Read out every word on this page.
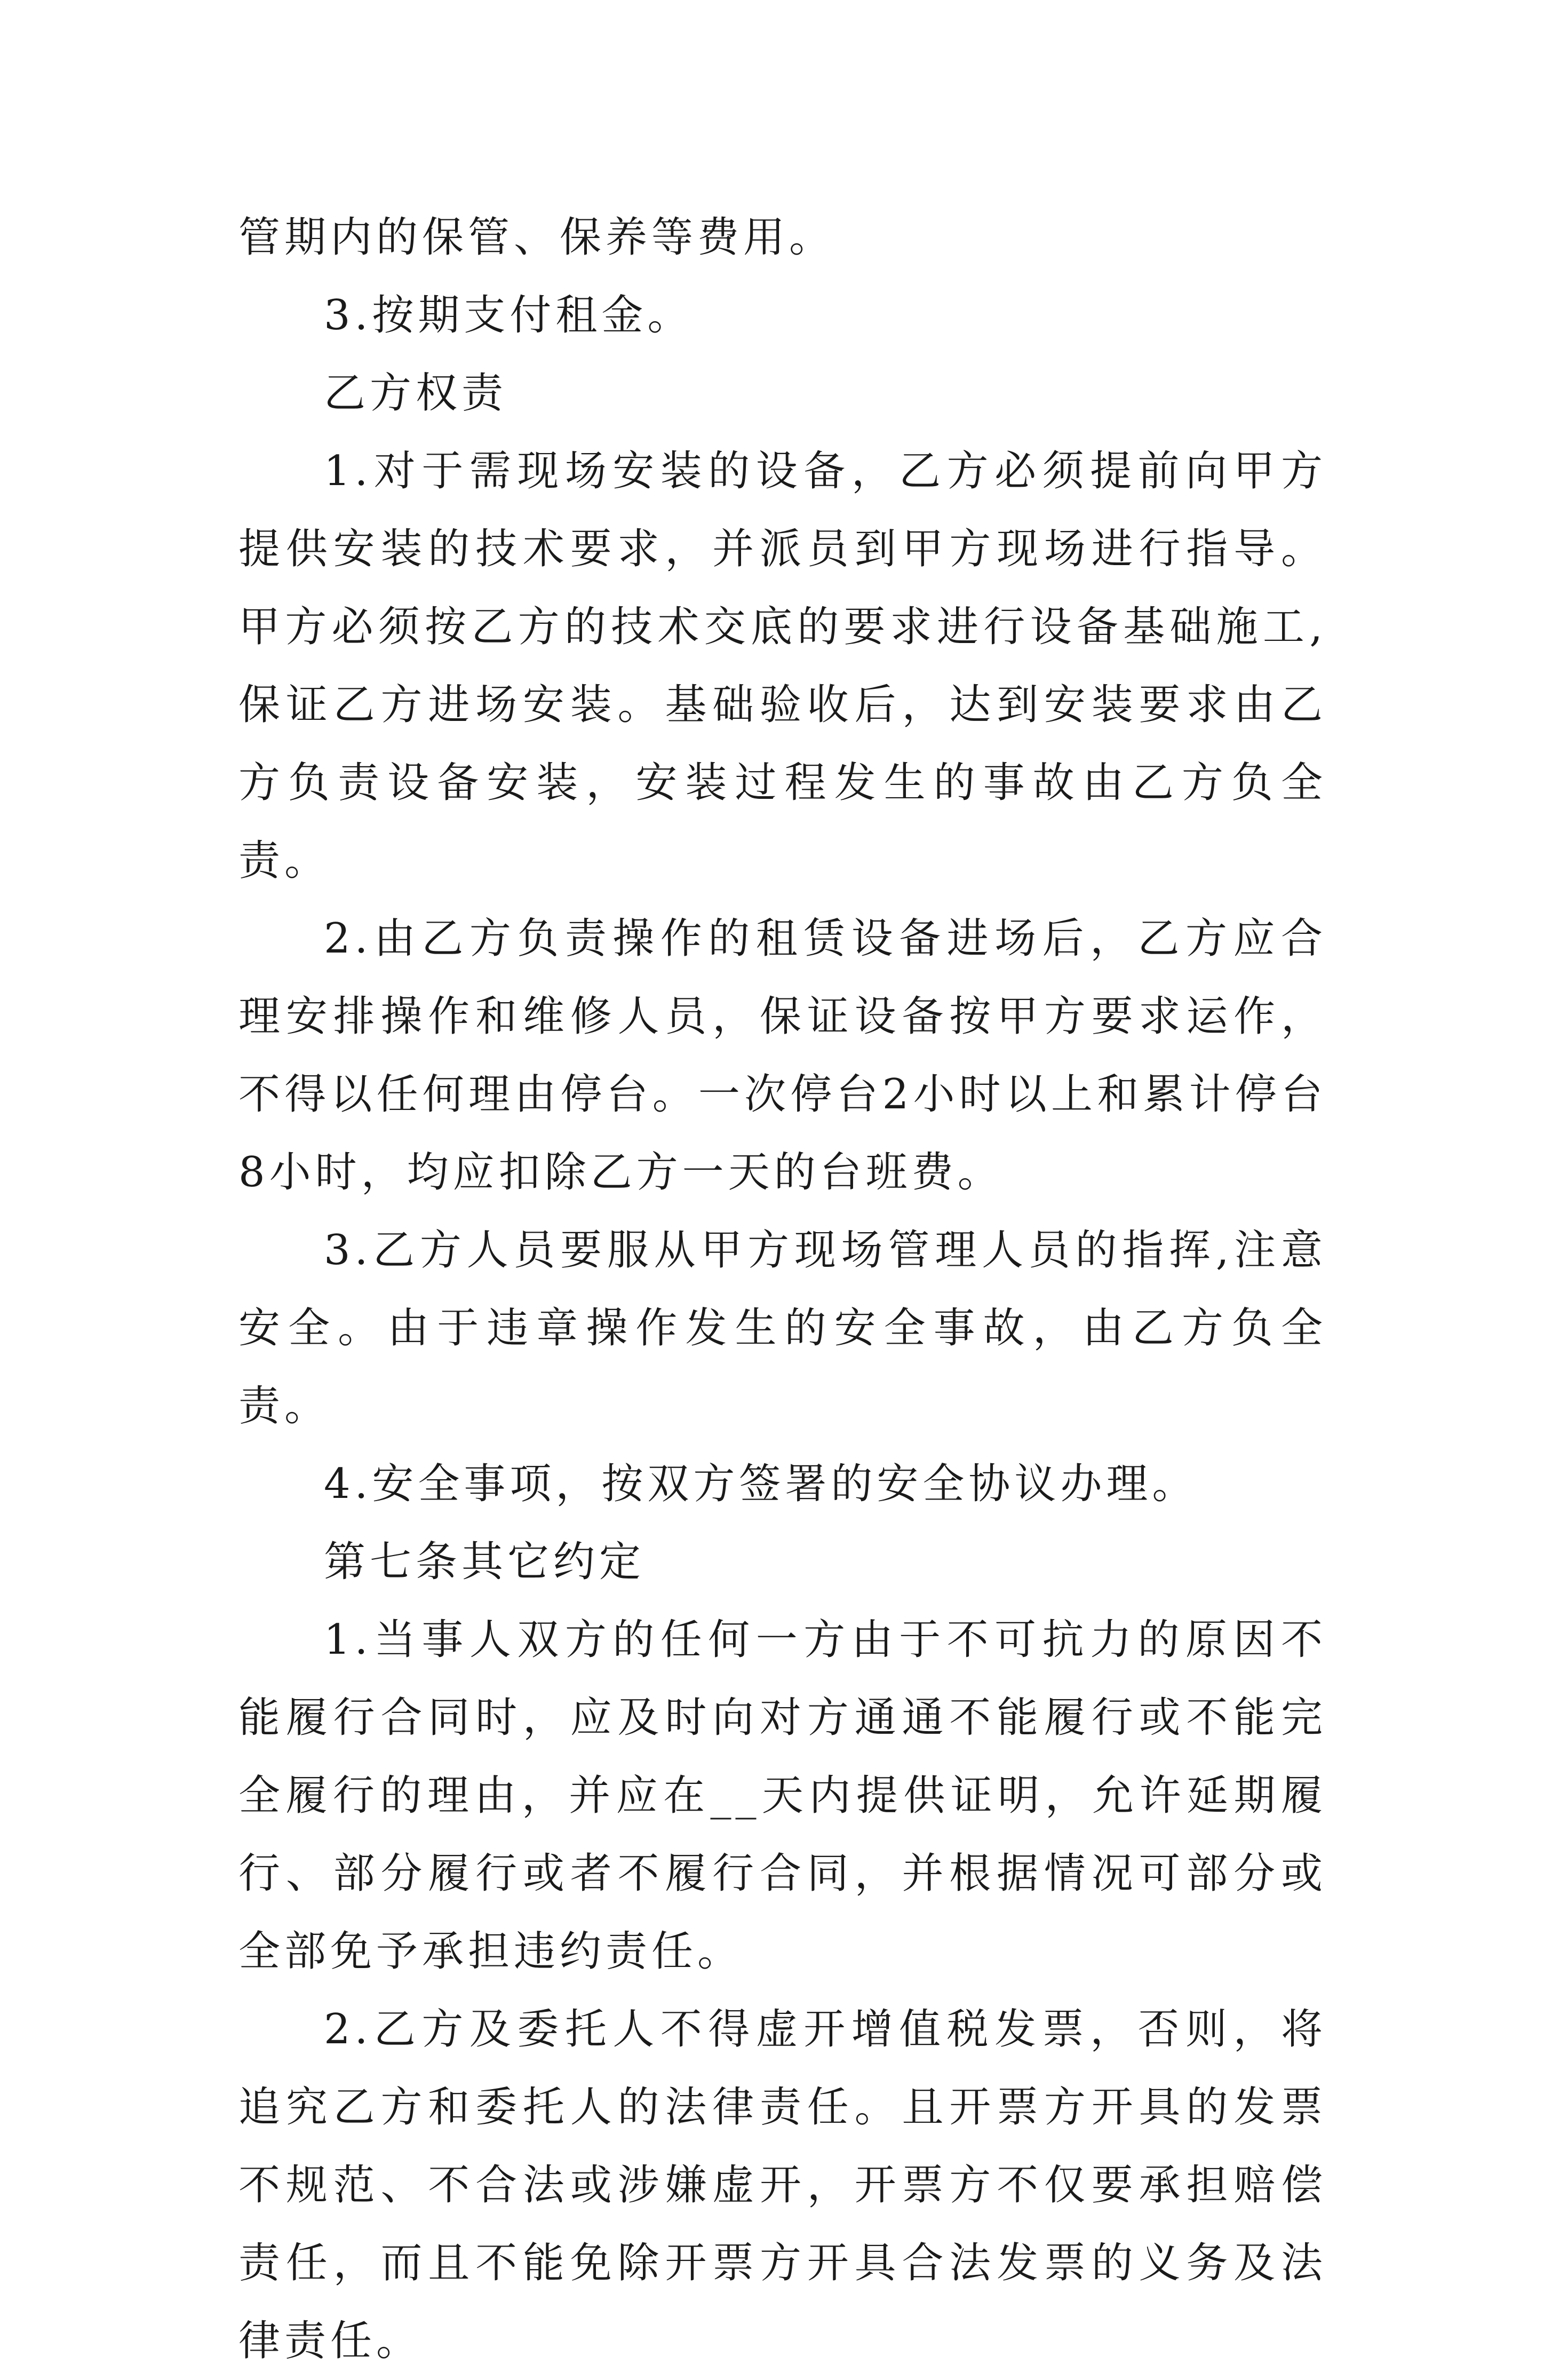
管期内的保管、保养等费用。

3.按期支付租金。

乙方权责

1.对于需现场安装的设备，乙方必须提前向甲方提供安装的技术要求，并派员到甲方现场进行指导。甲方必须按乙方的技术交底的要求进行设备基础施工,保证乙方进场安装。基础验收后，达到安装要求由乙方负责设备安装，安装过程发生的事故由乙方负全责。

2.由乙方负责操作的租赁设备进场后，乙方应合理安排操作和维修人员，保证设备按甲方要求运作，不得以任何理由停台。一次停台2小时以上和累计停台8小时，均应扣除乙方一天的台班费。

3.乙方人员要服从甲方现场管理人员的指挥,注意安全。由于违章操作发生的安全事故，由乙方负全责。

4.安全事项，按双方签署的安全协议办理。

第七条其它约定

1.当事人双方的任何一方由于不可抗力的原因不能履行合同时，应及时向对方通通不能履行或不能完全履行的理由，并应在__天内提供证明，允许延期履行、部分履行或者不履行合同，并根据情况可部分或全部免予承担违约责任。

2.乙方及委托人不得虚开增值税发票，否则，将追究乙方和委托人的法律责任。且开票方开具的发票不规范、不合法或涉嫌虚开，开票方不仅要承担赔偿责任，而且不能免除开票方开具合法发票的义务及法律责任。
